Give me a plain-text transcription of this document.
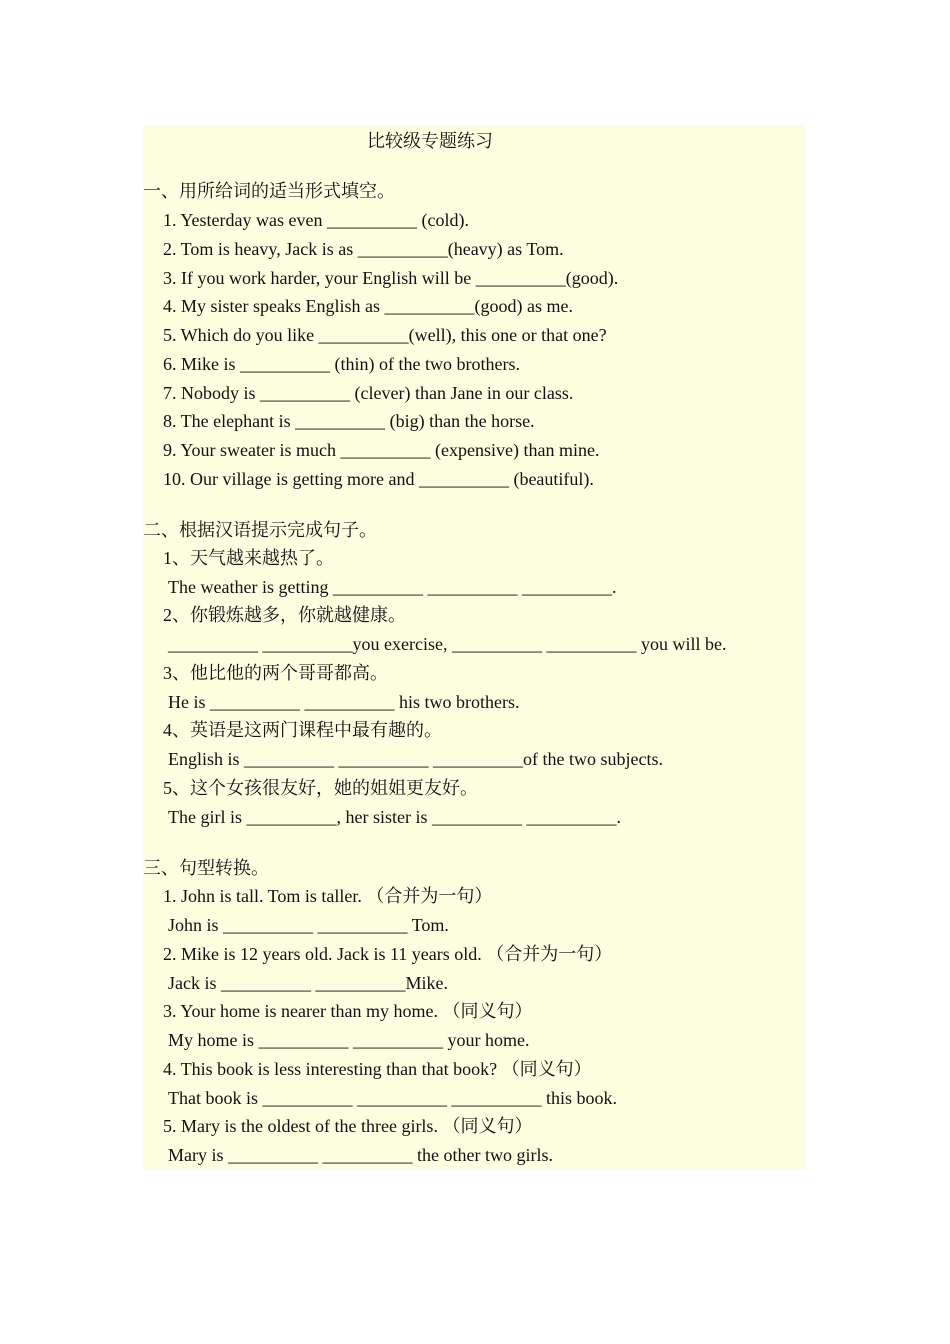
比较级专题练习
一、用所给词的适当形式填空。
1. Yesterday was even __________ (cold).
2. Tom is heavy, Jack is as __________(heavy) as Tom.
3. If you work harder, your English will be __________(good).
4. My sister speaks English as __________(good) as me.
5. Which do you like __________(well), this one or that one?
6. Mike is __________ (thin) of the two brothers.
7. Nobody is __________ (clever) than Jane in our class.
8. The elephant is __________ (big) than the horse.
9. Your sweater is much __________ (expensive) than mine.
10. Our village is getting more and __________ (beautiful).
二、根据汉语提示完成句子。
1、天气越来越热了。
The weather is getting __________ __________ __________.
2、你锻炼越多，你就越健康。
__________ __________you exercise, __________ __________ you will be.
3、他比他的两个哥哥都高。
He is __________ __________ his two brothers.
4、英语是这两门课程中最有趣的。
English is __________ __________ __________of the two subjects.
5、这个女孩很友好，她的姐姐更友好。
The girl is __________, her sister is __________ __________.
三、句型转换。
1. John is tall. Tom is taller. （合并为一句）
John is __________ __________ Tom.
2. Mike is 12 years old. Jack is 11 years old. （合并为一句）
Jack is __________ __________Mike.
3. Your home is nearer than my home. （同义句）
My home is __________ __________ your home.
4. This book is less interesting than that book? （同义句）
That book is __________ __________ __________ this book.
5. Mary is the oldest of the three girls. （同义句）
Mary is __________ __________ the other two girls.
